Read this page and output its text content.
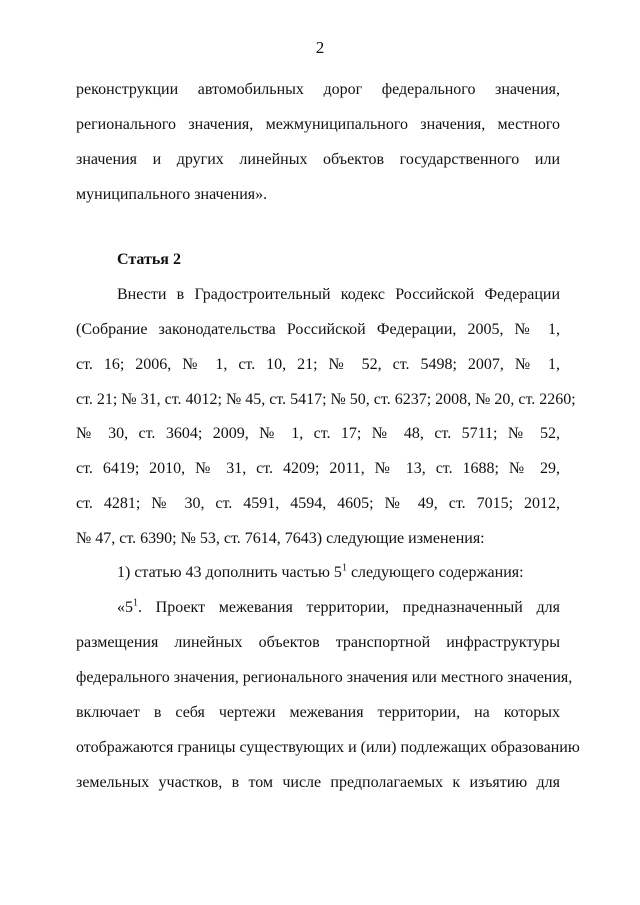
2
реконструкции автомобильных дорог федерального значения,
регионального значения, межмуниципального значения, местного
значения и других линейных объектов государственного или
муниципального значения».
Статья 2
Внести в Градостроительный кодекс Российской Федерации
(Собрание законодательства Российской Федерации, 2005, № 1,
ст. 16; 2006, № 1, ст. 10, 21; № 52, ст. 5498; 2007, № 1,
ст. 21; № 31, ст. 4012; № 45, ст. 5417; № 50, ст. 6237; 2008, № 20, ст. 2260;
№ 30, ст. 3604; 2009, № 1, ст. 17; № 48, ст. 5711; № 52,
ст. 6419; 2010, № 31, ст. 4209; 2011, № 13, ст. 1688; № 29,
ст. 4281; № 30, ст. 4591, 4594, 4605; № 49, ст. 7015; 2012,
№ 47, ст. 6390; № 53, ст. 7614, 7643) следующие изменения:
1) статью 43 дополнить частью $5^1$ следующего содержания:
«$5^1$. Проект межевания территории, предназначенный для
размещения линейных объектов транспортной инфраструктуры
федерального значения, регионального значения или местного значения,
включает в себя чертежи межевания территории, на которых
отображаются границы существующих и (или) подлежащих образованию
земельных участков, в том числе предполагаемых к изъятию для
